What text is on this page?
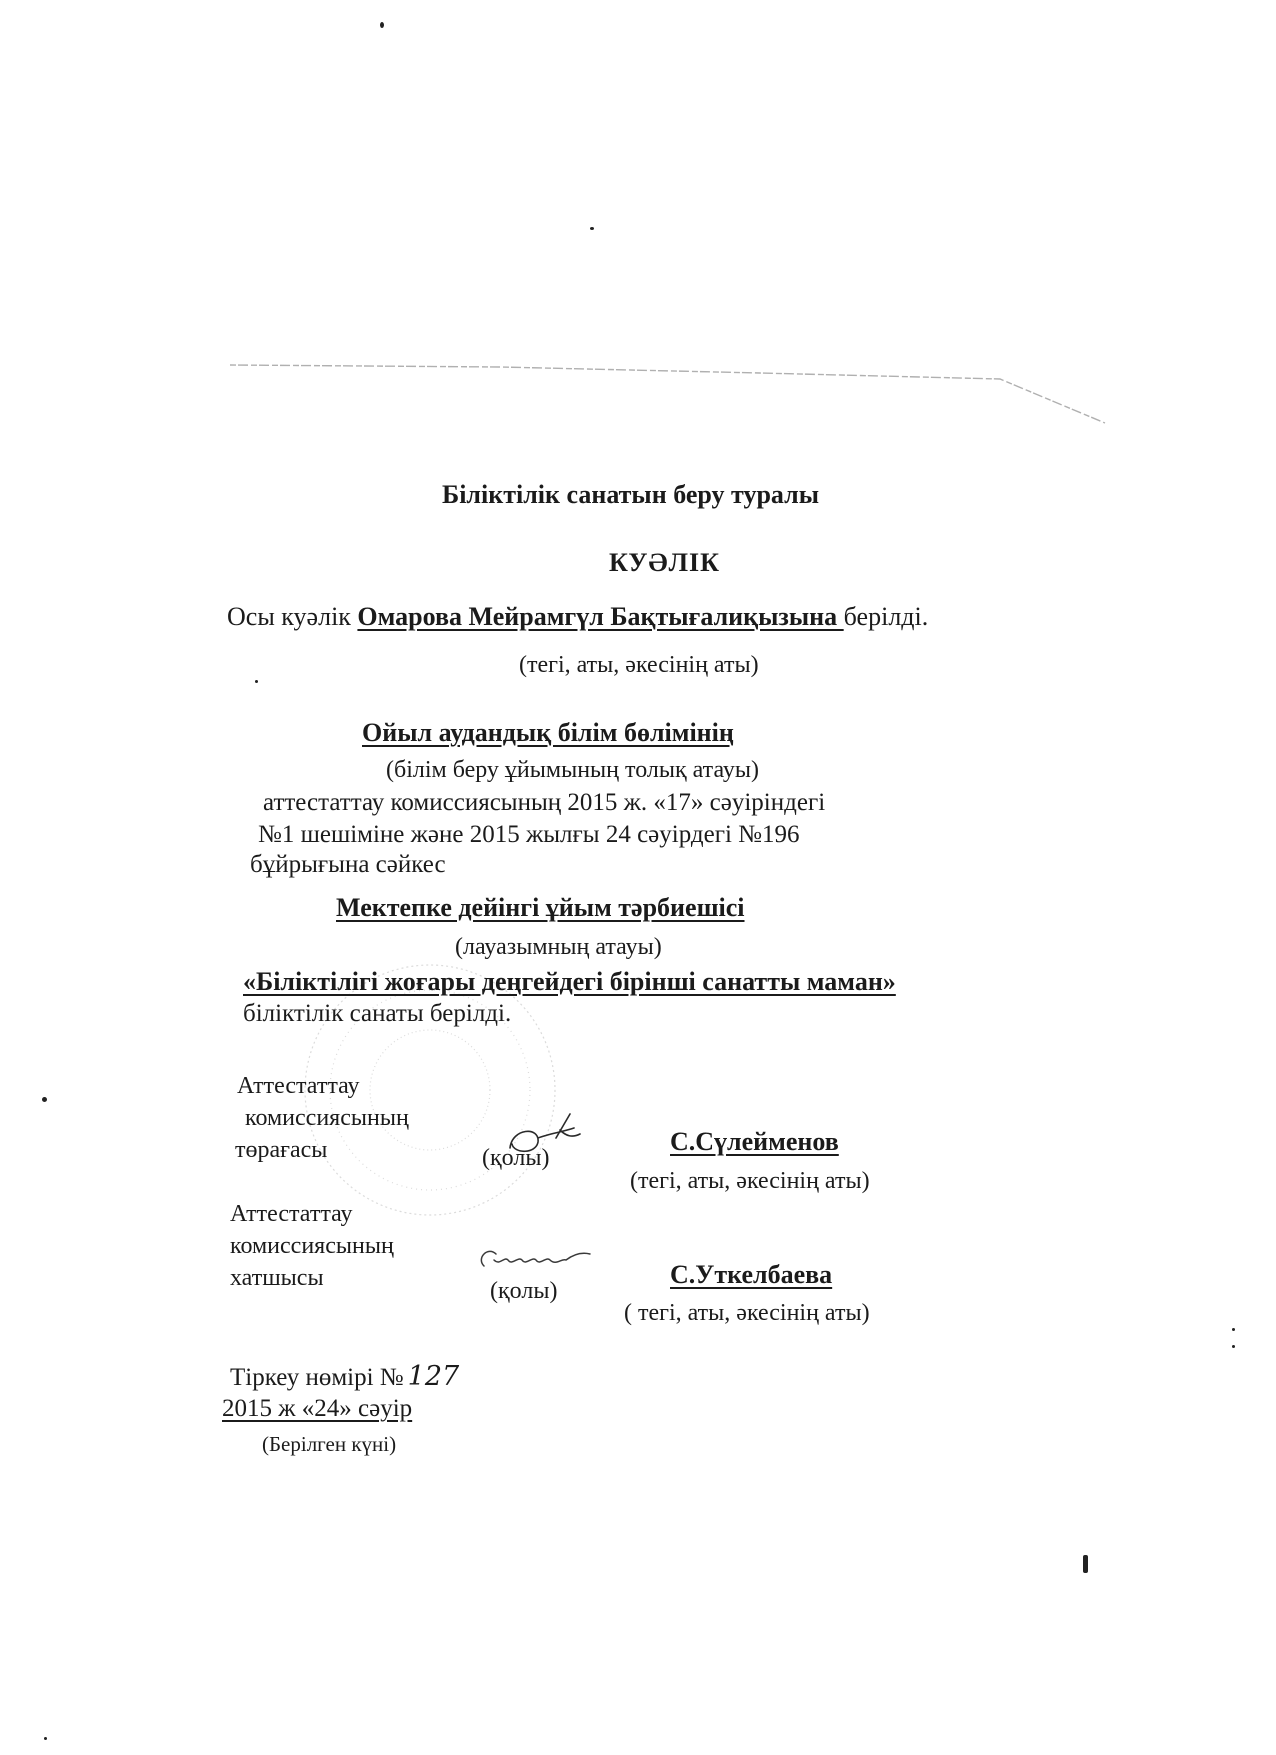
Біліктілік санатын беру туралы
КУӘЛІК
Осы куәлік Омарова Мейрамгүл Бақтығалиқызына берілді.
(тегі, аты, әкесінің аты)
Ойыл аудандық білім бөлімінің
(білім беру ұйымының толық атауы)
аттестаттау комиссиясының 2015 ж. «17» сәуіріндегі
№1 шешіміне және 2015 жылғы 24 сәуірдегі №196
бұйрығына сәйкес
Мектепке дейінгі ұйым тәрбиешісі
(лауазымның атауы)
«Біліктілігі жоғары деңгейдегі бірінші санатты маман»
біліктілік санаты берілді.
Аттестаттау
комиссиясының
төрағасы	(қолы)
С.Сүлейменов
(тегі, аты, әкесінің аты)
Аттестаттау
комиссиясының
хатшысы	(қолы)
С.Уткелбаева
( тегі, аты, әкесінің аты)
Тіркеу нөмірі № 127
2015 ж «24» сәуір
(Берілген күні)
